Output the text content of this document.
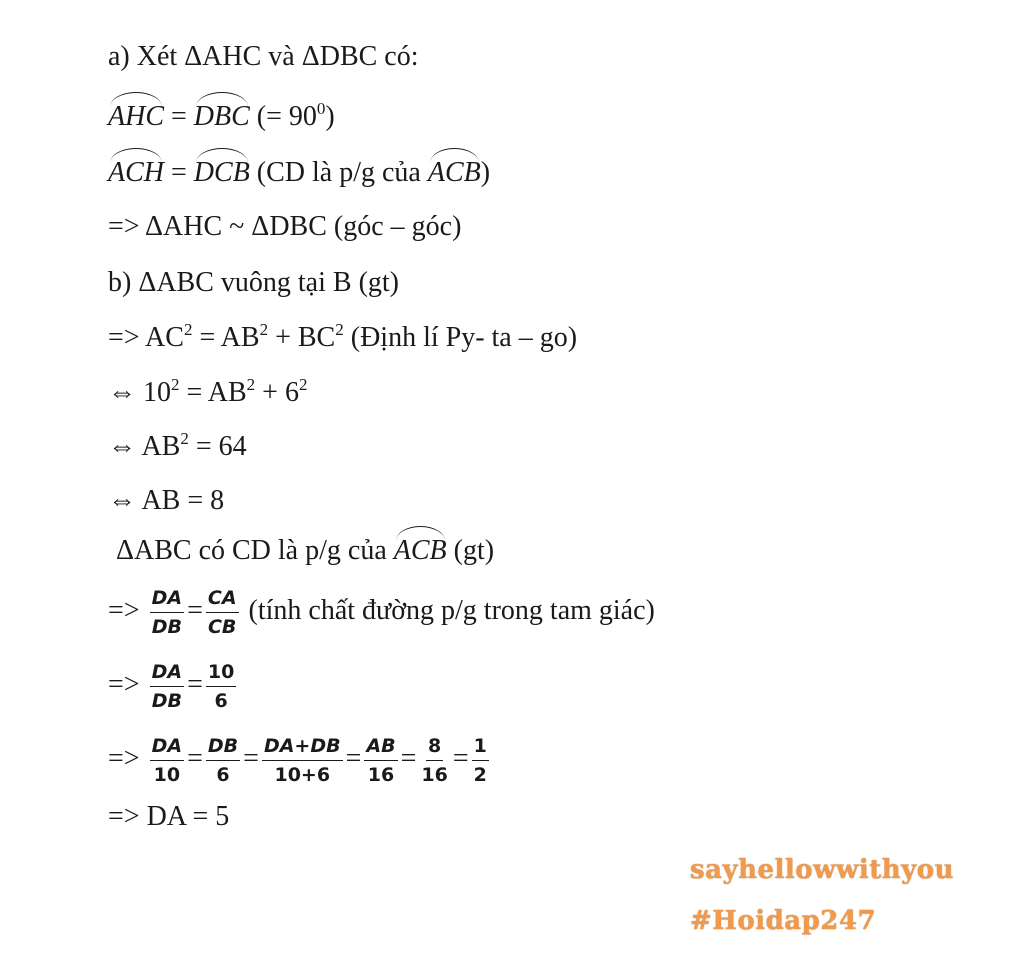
a) Xét ΔAHC và ΔDBC có:
AHC = DBC (= $90^0$)
ACH = DCB (CD là p/g của ACB)
=> ΔAHC ~ ΔDBC (góc – góc)
b) ΔABC vuông tại B (gt)
=> $AC^2 = AB^2 + BC^2$ (Định lí Py- ta – go)
⇔ $10^2 = AB^2 + 6^2$
⇔ $AB^2 = 64$
⇔ AB = 8
ΔABC có CD là p/g của ACB (gt)
=> $\frac{DA}{DB} = \frac{CA}{CB}$ (tính chất đường p/g trong tam giác)
=> $\frac{DA}{DB} = \frac{10}{6}$
=> $\frac{DA}{10} = \frac{DB}{6} = \frac{DA+DB}{10+6} = \frac{AB}{16} = \frac{8}{16} = \frac{1}{2}$
=> DA = 5
sayhellowwithyou
#Hoidap247
